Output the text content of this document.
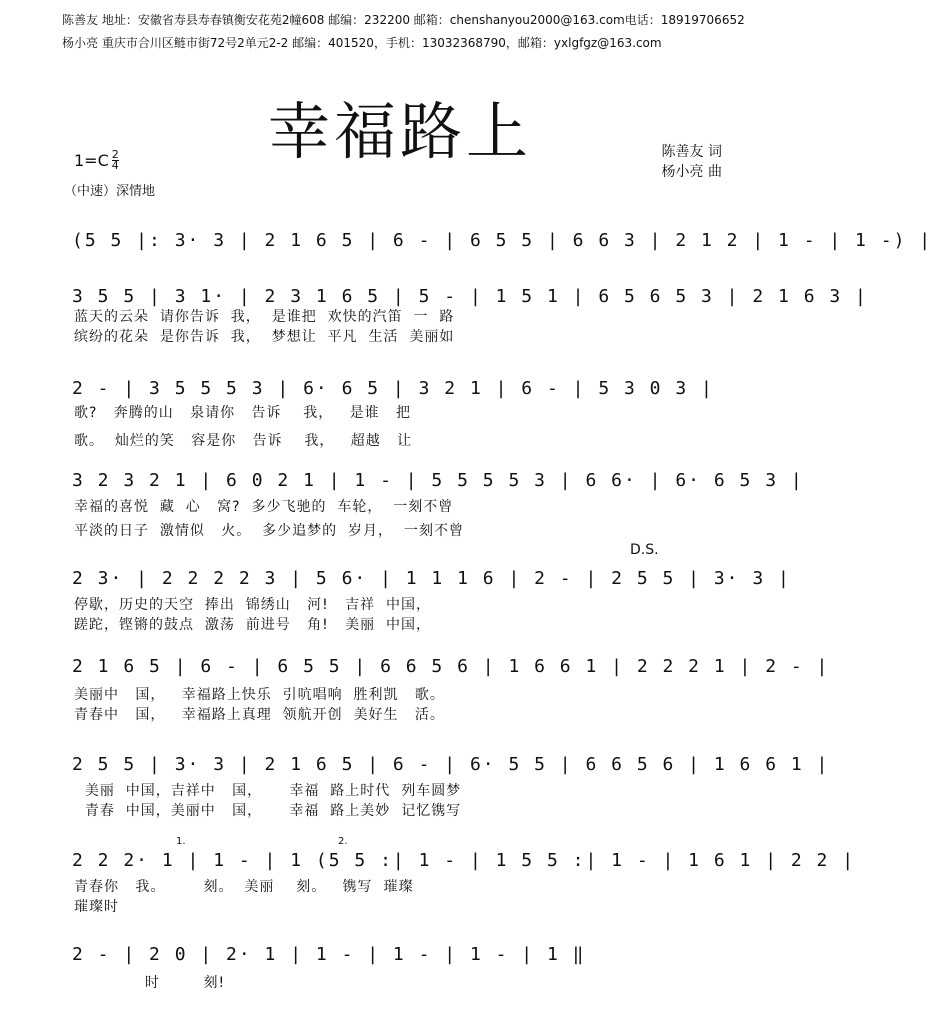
陈善友 地址：安徽省寿县寿春镇衡安花苑2幢608 邮编：232200 邮箱：chenshanyou2000@163.com电话：18919706652
杨小亮 重庆市合川区鲢市街72号2单元2-2 邮编：401520，手机：13032368790，邮箱：yxlgfgz@163.com
幸福路上	陈善友 词
杨小亮 曲
$1=C \frac{2}{4}$
（中速）深情地
(5 5 |: 3· 3 | 2 1 6 5 | 6 - | 6 5 5 | 6 6 3 | 2 1 2 | 1 - | 1 -) |
3 5 5 | 3 1· | 2 3 1 6 5 | 5 - | 1 5 1 | 6 5 6 5 3 | 2 1 6 3 |
蓝天的云朵  请你告诉  我，  是谁把  欢快的汽笛  一  路
缤纷的花朵  是你告诉  我，  梦想让  平凡  生活  美丽如
2 - | 3 5 5 5 3 | 6· 6 5 | 3 2 1 | 6 - | 5 3 0 3 |
歌?   奔腾的山   泉请你   告诉    我，   是谁   把
歌。  灿烂的笑   容是你   告诉    我，   超越   让
3 2 3 2 1 | 6 0 2 1 | 1 - | 5 5 5 5 3 | 6 6· | 6· 6 5 3 |
幸福的喜悦  藏  心   窝?  多少飞驰的  车轮，  一刻不曾
平淡的日子  激情似   火。  多少追梦的  岁月，  一刻不曾
2 3· | 2 2 2 2 3 | 5 6· | 1 1 1 6 | 2 - | 2 5 5 | 3· 3 |
停歇，历史的天空  捧出  锦绣山   河!   吉祥  中国，
蹉跎，铿锵的鼓点  激荡  前进号   角!   美丽  中国，
D.S.
2 1 6 5 | 6 - | 6 5 5 | 6 6 5 6 | 1 6 6 1 | 2 2 2 1 | 2 - |
美丽中   国，   幸福路上快乐  引吭唱响  胜利凯   歌。
青春中   国，   幸福路上真理  领航开创  美好生   活。
2 5 5 | 3· 3 | 2 1 6 5 | 6 - | 6· 5 5 | 6 6 5 6 | 1 6 6 1 |
美丽  中国，吉祥中   国，     幸福  路上时代  列车圆梦
青春  中国，美丽中   国，     幸福  路上美妙  记忆镌写
1.	2.
2 2 2· 1 | 1 - | 1 (5 5 :| 1 - | 1 5 5 :| 1 - | 1 6 1 | 2 2 |
青春你   我。       刻。  美丽    刻。   镌写  璀璨
璀璨时
2 - | 2 0 | 2· 1 | 1 - | 1 - | 1 - | 1 ‖
时        刻!
